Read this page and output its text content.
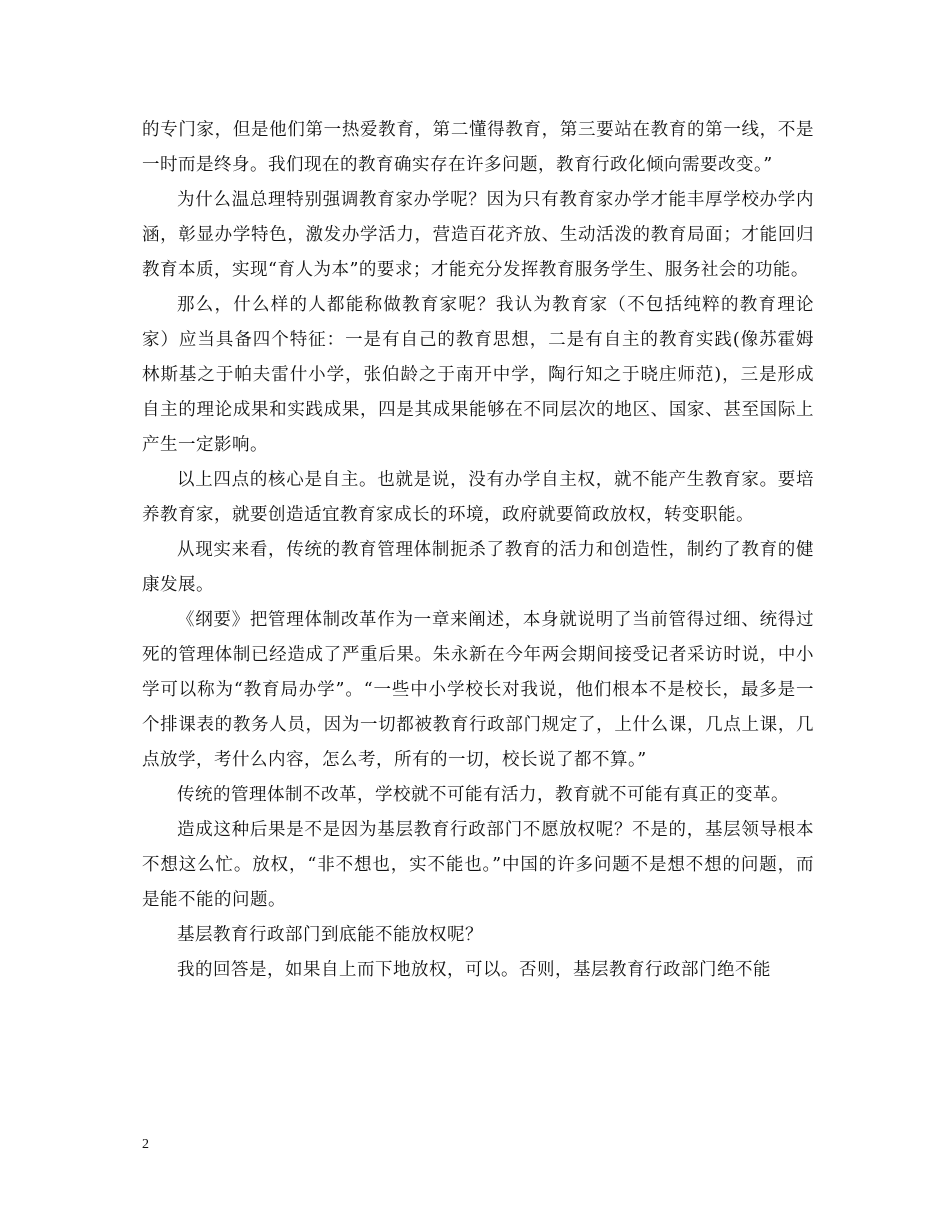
的专门家，但是他们第一热爱教育，第二懂得教育，第三要站在教育的第一线，不是一时而是终身。我们现在的教育确实存在许多问题，教育行政化倾向需要改变。”

为什么温总理特别强调教育家办学呢？因为只有教育家办学才能丰厚学校办学内涵，彰显办学特色，激发办学活力，营造百花齐放、生动活泼的教育局面；才能回归教育本质，实现“育人为本”的要求；才能充分发挥教育服务学生、服务社会的功能。

那么，什么样的人都能称做教育家呢？我认为教育家（不包括纯粹的教育理论家）应当具备四个特征：一是有自己的教育思想，二是有自主的教育实践(像苏霍姆林斯基之于帕夫雷什小学，张伯龄之于南开中学，陶行知之于晓庄师范)，三是形成自主的理论成果和实践成果，四是其成果能够在不同层次的地区、国家、甚至国际上产生一定影响。

以上四点的核心是自主。也就是说，没有办学自主权，就不能产生教育家。要培养教育家，就要创造适宜教育家成长的环境，政府就要简政放权，转变职能。

从现实来看，传统的教育管理体制扼杀了教育的活力和创造性，制约了教育的健康发展。

《纲要》把管理体制改革作为一章来阐述，本身就说明了当前管得过细、统得过死的管理体制已经造成了严重后果。朱永新在今年两会期间接受记者采访时说，中小学可以称为“教育局办学”。“一些中小学校长对我说，他们根本不是校长，最多是一个排课表的教务人员，因为一切都被教育行政部门规定了，上什么课，几点上课，几点放学，考什么内容，怎么考，所有的一切，校长说了都不算。”

传统的管理体制不改革，学校就不可能有活力，教育就不可能有真正的变革。

造成这种后果是不是因为基层教育行政部门不愿放权呢？不是的，基层领导根本不想这么忙。放权，“非不想也，实不能也。”中国的许多问题不是想不想的问题，而是能不能的问题。

基层教育行政部门到底能不能放权呢？

我的回答是，如果自上而下地放权，可以。否则，基层教育行政部门绝不能

2
